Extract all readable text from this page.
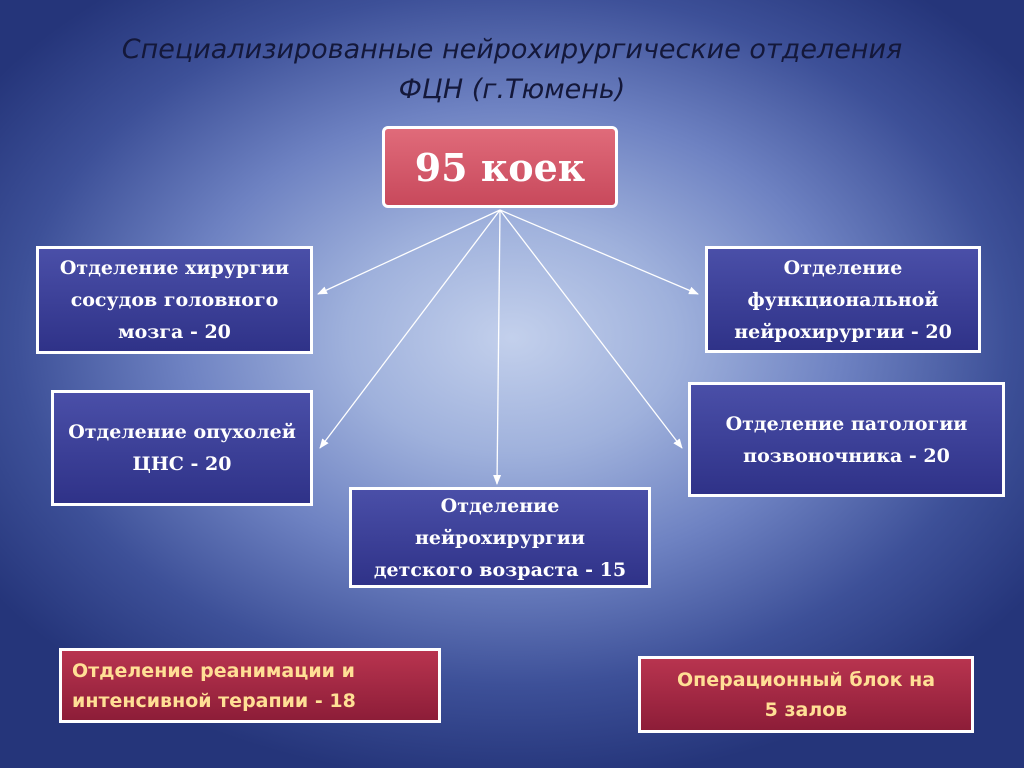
Специализированные нейрохирургические отделения
ФЦН (г.Тюмень)
95 коек
Отделение хирургии
сосудов головного
мозга - 20
Отделение
функциональной
нейрохирургии - 20
Отделение опухолей
ЦНС - 20
Отделение патологии
позвоночника - 20
Отделение
нейрохирургии
детского возраста - 15
Отделение реанимации и
интенсивной терапии - 18
Операционный блок на
5 залов
